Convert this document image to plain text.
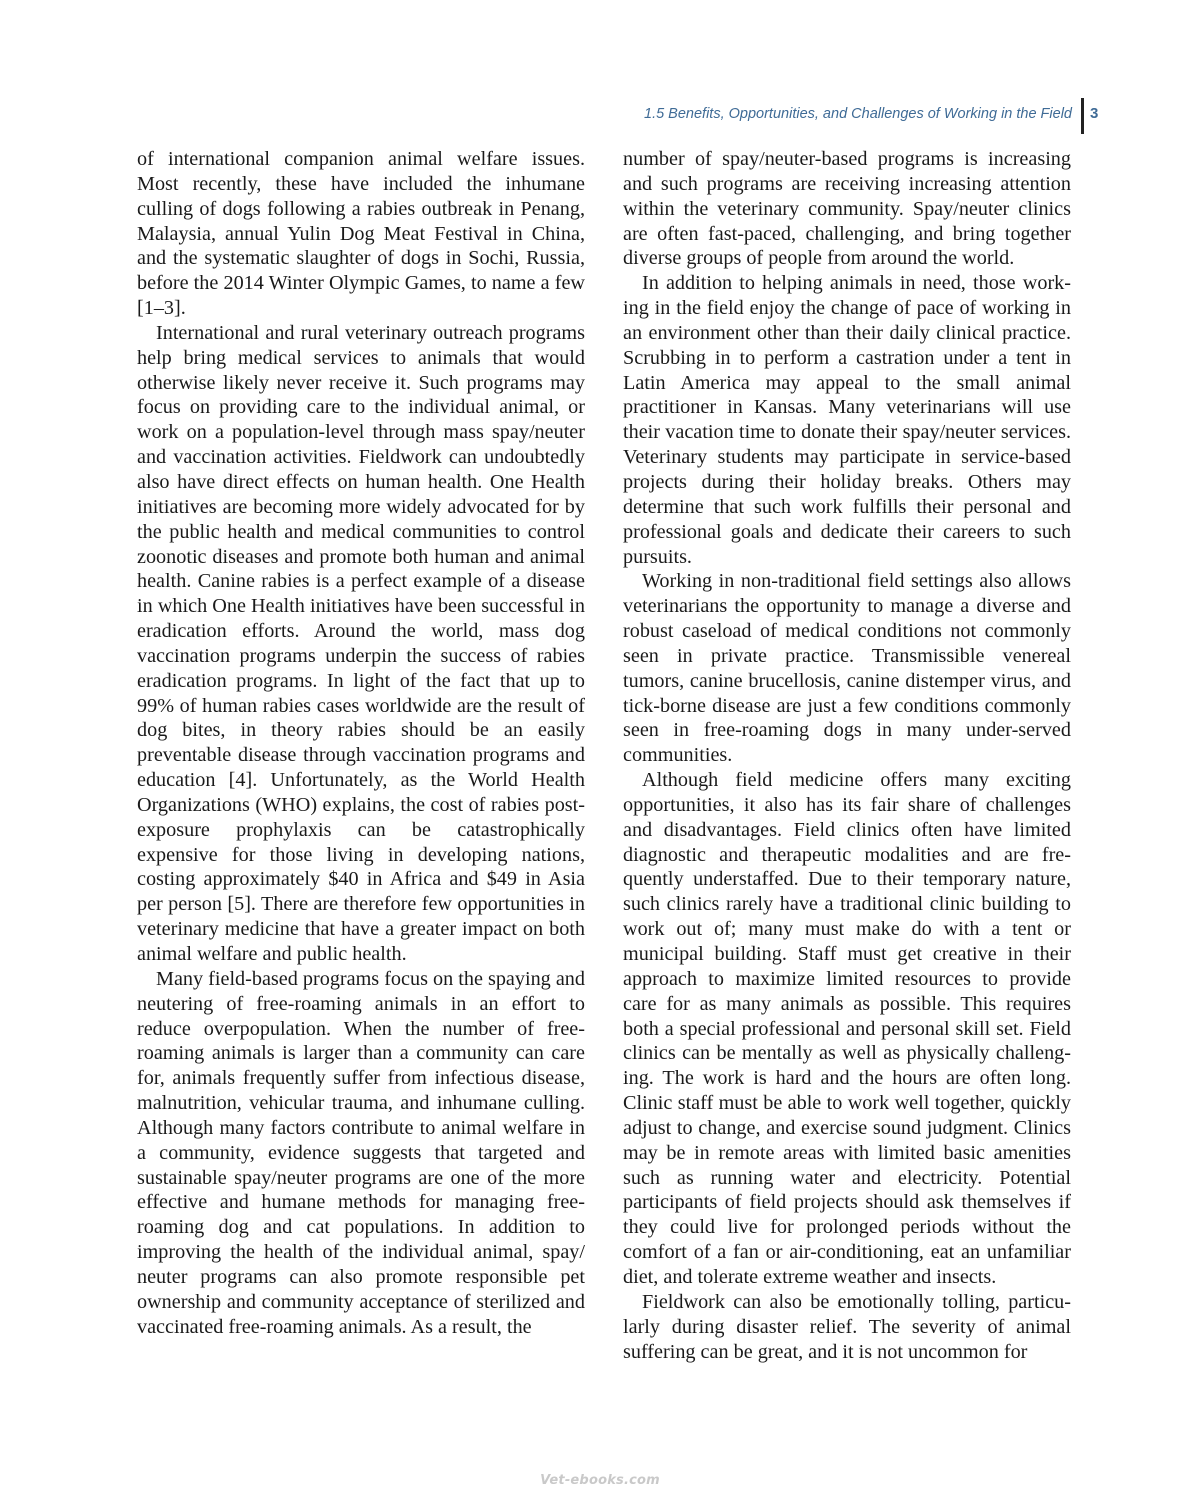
1.5 Benefits, Opportunities, and Challenges of Working in the Field 3

of international companion animal welfare issues. Most recently, these have included the inhumane culling of dogs following a rabies outbreak in Penang, Malaysia, annual Yulin Dog Meat Festival in China, and the systematic slaughter of dogs in Sochi, Russia, before the 2014 Winter Olympic Games, to name a few [1–3].

International and rural veterinary outreach programs help bring medical services to animals that would otherwise likely never receive it. Such programs may focus on providing care to the individual animal, or work on a population-level through mass spay/neuter and vaccination activities. Fieldwork can undoubtedly also have direct effects on human health. One Health initiatives are becoming more widely advocated for by the public health and medical communities to control zoonotic diseases and promote both human and animal health. Canine rabies is a perfect example of a disease in which One Health initiatives have been successful in eradication efforts. Around the world, mass dog vaccination programs underpin the success of rabies eradication programs. In light of the fact that up to 99% of human rabies cases worldwide are the result of dog bites, in theory rabies should be an easily preventable disease through vaccination programs and education [4]. Unfortunately, as the World Health Organizations (WHO) explains, the cost of rabies post-exposure prophylaxis can be catastrophically expensive for those living in developing nations, costing approximately $40 in Africa and $49 in Asia per person [5]. There are therefore few opportunities in veterinary medicine that have a greater impact on both animal welfare and public health.

Many field-based programs focus on the spaying and neutering of free-roaming animals in an effort to reduce overpopulation. When the number of free-roaming animals is larger than a community can care for, animals frequently suffer from infectious disease, malnutrition, vehicular trauma, and inhumane culling. Although many factors contribute to animal welfare in a community, evidence suggests that targeted and sustainable spay/neuter programs are one of the more effective and humane methods for managing free-roaming dog and cat populations. In addition to improving the health of the individual animal, spay/ neuter programs can also promote responsible pet ownership and community acceptance of sterilized and vaccinated free-roaming animals. As a result, the

number of spay/neuter-based programs is increasing and such programs are receiving increasing attention within the veterinary community. Spay/neuter clinics are often fast-paced, challenging, and bring together diverse groups of people from around the world.

In addition to helping animals in need, those working in the field enjoy the change of pace of working in an environment other than their daily clinical practice. Scrubbing in to perform a castration under a tent in Latin America may appeal to the small animal practitioner in Kansas. Many veterinarians will use their vacation time to donate their spay/neuter services. Veterinary students may participate in service-based projects during their holiday breaks. Others may determine that such work fulfills their personal and professional goals and dedicate their careers to such pursuits.

Working in non-traditional field settings also allows veterinarians the opportunity to manage a diverse and robust caseload of medical conditions not commonly seen in private practice. Transmissible venereal tumors, canine brucellosis, canine distemper virus, and tick-borne disease are just a few conditions commonly seen in free-roaming dogs in many under-served communities.

Although field medicine offers many exciting opportunities, it also has its fair share of challenges and disadvantages. Field clinics often have limited diagnostic and therapeutic modalities and are frequently understaffed. Due to their temporary nature, such clinics rarely have a traditional clinic building to work out of; many must make do with a tent or municipal building. Staff must get creative in their approach to maximize limited resources to provide care for as many animals as possible. This requires both a special professional and personal skill set. Field clinics can be mentally as well as physically challenging. The work is hard and the hours are often long. Clinic staff must be able to work well together, quickly adjust to change, and exercise sound judgment. Clinics may be in remote areas with limited basic amenities such as running water and electricity. Potential participants of field projects should ask themselves if they could live for prolonged periods without the comfort of a fan or air-conditioning, eat an unfamiliar diet, and tolerate extreme weather and insects.

Fieldwork can also be emotionally tolling, particularly during disaster relief. The severity of animal suffering can be great, and it is not uncommon for

Vet-ebooks.com
